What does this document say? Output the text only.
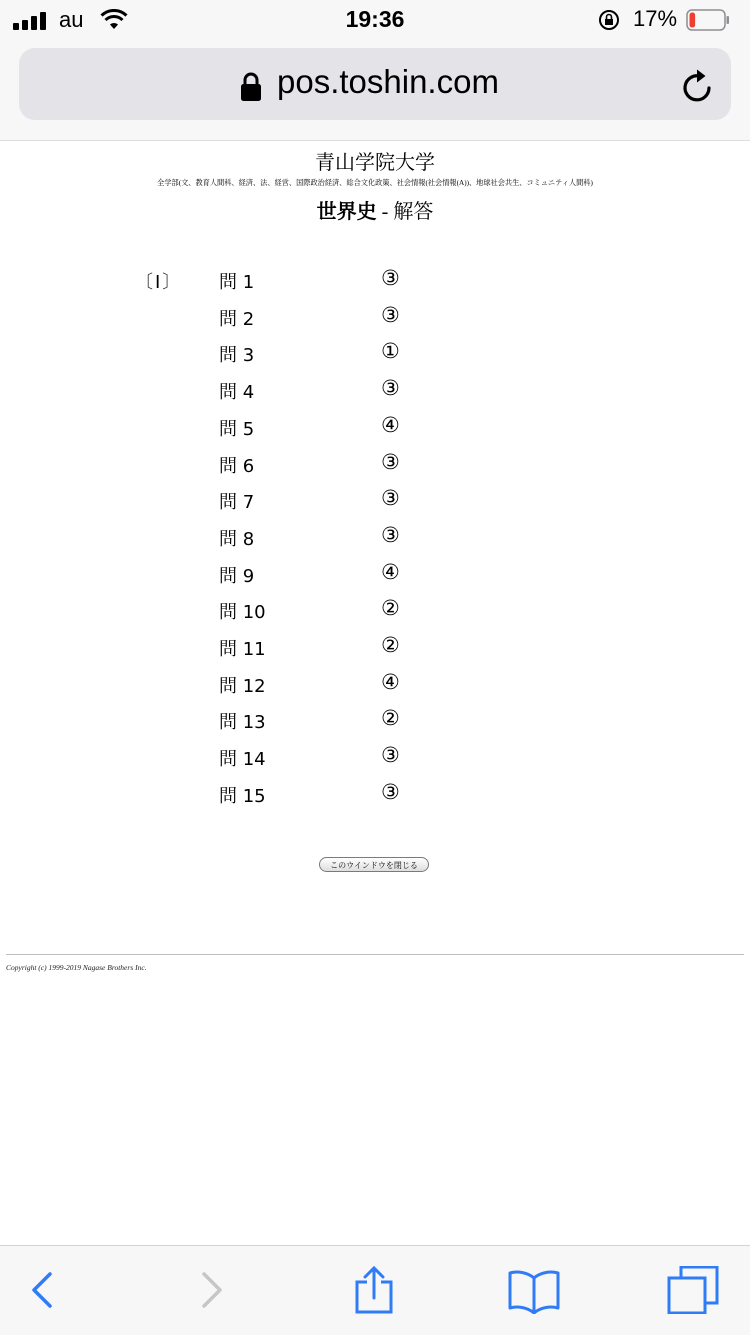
au	19:36	17%
pos.toshin.com
青山学院大学
全学部(文、教育人間科、経済、法、経営、国際政治経済、総合文化政策、社会情報(社会情報(A))、地球社会共生、コミュニティ人間科)
世界史 - 解答
〔Ⅰ〕 問 1	③
問 2	③
問 3	①
問 4	③
問 5	④
問 6	③
問 7	③
問 8	③
問 9	④
問 10	②
問 11	②
問 12	④
問 13	②
問 14	③
問 15	③
このウインドウを閉じる
Copyright (c) 1999-2019 Nagase Brothers Inc.
